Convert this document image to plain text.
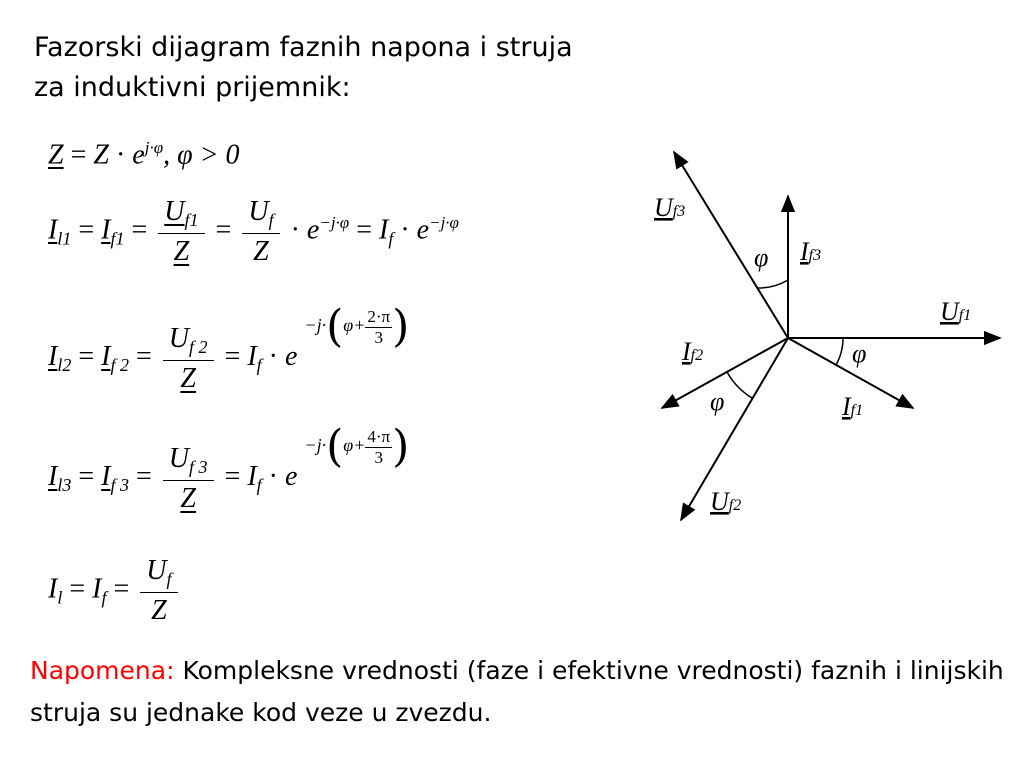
Fazorski dijagram faznih napona i struja
za induktivni prijemnik:
$Z = Z \cdot e^{j\cdot\varphi}$, φ > 0
$I_{l1} = I_{f1} = \frac{U_{f1}}{Z} = \frac{U_f}{Z} \cdot e^{-j\cdot\varphi} = I_f \cdot e^{-j\cdot\varphi}$
$I_{l2} = I_{f 2} = \frac{U_{f 2}}{Z} = I_f \cdot e -j\cdot(\varphi+ \frac{2\cdot\pi}{3}$ )
$I_{l3} = I_{f 3} = \frac{U_{f 3}}{Z} = I_f \cdot e -j\cdot(\varphi+ \frac{4\cdot\pi}{3}$ )
$I_l = I_f = \frac{U_f}{Z}$
Uf3
If3
Uf1
If2
If1
Uf2
φ
φ
φ
Napomena: Kompleksne vrednosti (faze i efektivne vrednosti) faznih i linijskih struja su jednake kod veze u zvezdu.
